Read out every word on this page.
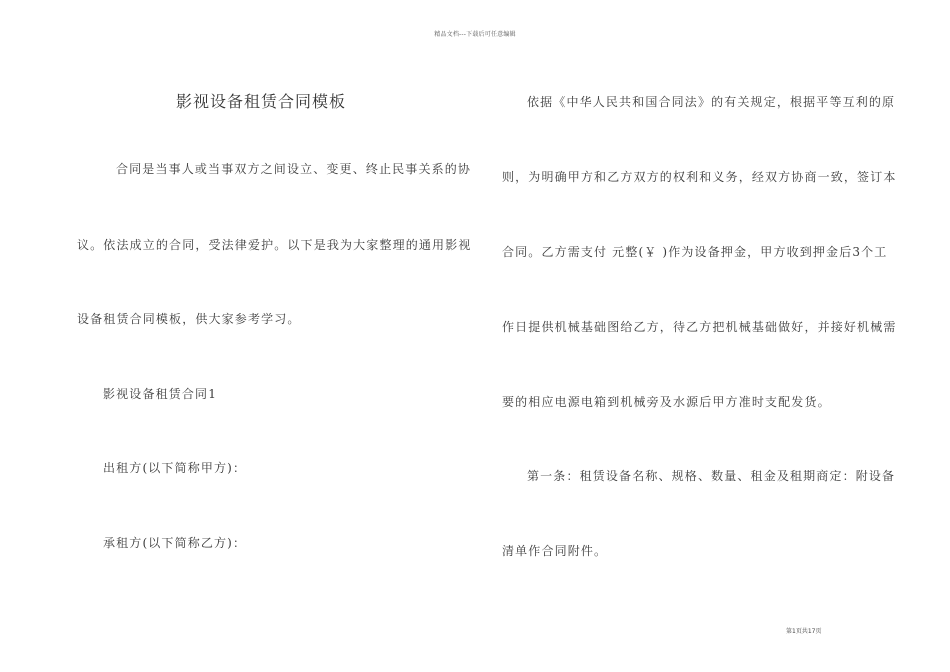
精品文档---下载后可任意编辑
影视设备租赁合同模板
合同是当事人或当事双方之间设立、变更、终止民事关系的协
议。依法成立的合同，受法律爱护。以下是我为大家整理的通用影视
设备租赁合同模板，供大家参考学习。
影视设备租赁合同1
出租方(以下简称甲方)：
承租方(以下简称乙方)：
依据《中华人民共和国合同法》的有关规定，根据平等互利的原
则，为明确甲方和乙方双方的权利和义务，经双方协商一致，签订本
合同。乙方需支付 元整(￥ )作为设备押金，甲方收到押金后3个工
作日提供机械基础图给乙方，待乙方把机械基础做好，并接好机械需
要的相应电源电箱到机械旁及水源后甲方准时支配发货。
第一条：租赁设备名称、规格、数量、租金及租期商定：附设备
清单作合同附件。
第1页共17页
